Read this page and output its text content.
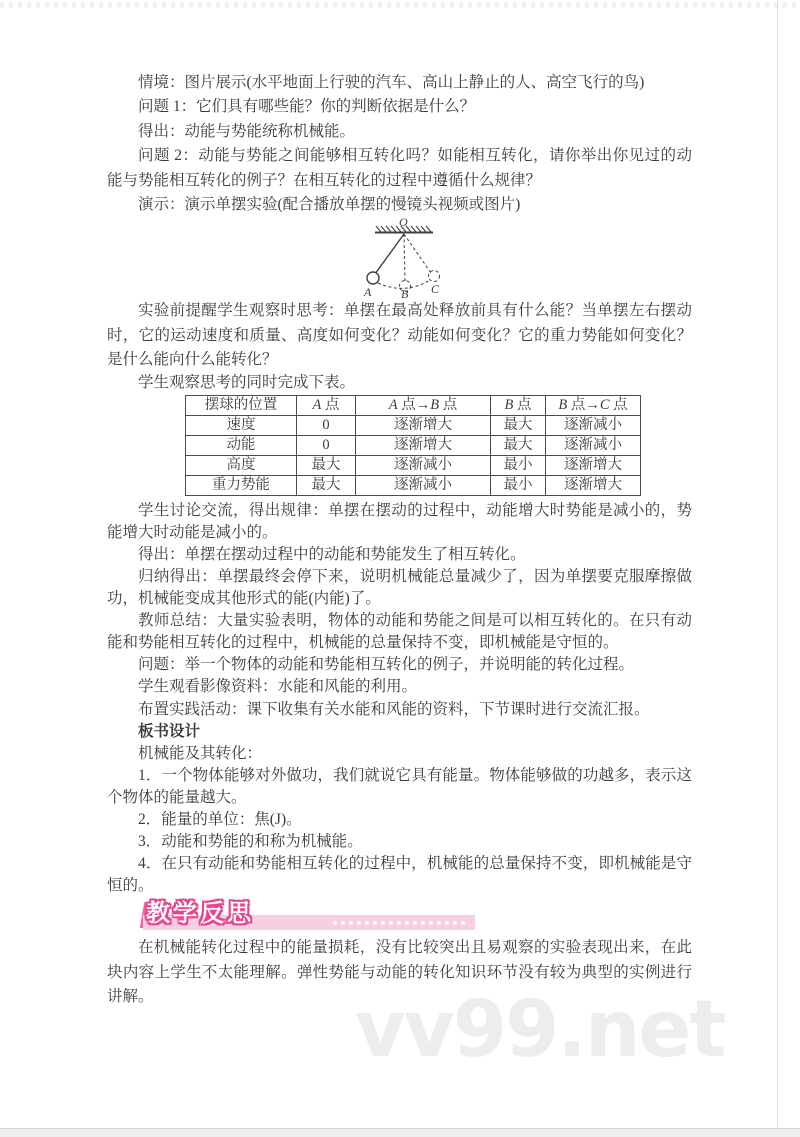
情境：图片展示(水平地面上行驶的汽车、高山上静止的人、高空飞行的鸟)

问题 1：它们具有哪些能？你的判断依据是什么？

得出：动能与势能统称机械能。

问题 2：动能与势能之间能够相互转化吗？如能相互转化，请你举出你见过的动能与势能相互转化的例子？在相互转化的过程中遵循什么规律？

演示：演示单摆实验(配合播放单摆的慢镜头视频或图片)

O
A B C

实验前提醒学生观察时思考：单摆在最高处释放前具有什么能？当单摆左右摆动时，它的运动速度和质量、高度如何变化？动能如何变化？它的重力势能如何变化？是什么能向什么能转化？

学生观察思考的同时完成下表。

摆球的位置	A 点	A 点→B 点	B 点	B 点→C 点
速度	0	逐渐增大	最大	逐渐减小
动能	0	逐渐增大	最大	逐渐减小
高度	最大	逐渐减小	最小	逐渐增大
重力势能	最大	逐渐减小	最小	逐渐增大

学生讨论交流，得出规律：单摆在摆动的过程中，动能增大时势能是减小的，势能增大时动能是减小的。

得出：单摆在摆动过程中的动能和势能发生了相互转化。

归纳得出：单摆最终会停下来，说明机械能总量减少了，因为单摆要克服摩擦做功，机械能变成其他形式的能(内能)了。

教师总结：大量实验表明，物体的动能和势能之间是可以相互转化的。在只有动能和势能相互转化的过程中，机械能的总量保持不变，即机械能是守恒的。

问题：举一个物体的动能和势能相互转化的例子，并说明能的转化过程。

学生观看影像资料：水能和风能的利用。

布置实践活动：课下收集有关水能和风能的资料，下节课时进行交流汇报。

板书设计

机械能及其转化：

1．一个物体能够对外做功，我们就说它具有能量。物体能够做的功越多，表示这个物体的能量越大。

2．能量的单位：焦(J)。

3．动能和势能的和称为机械能。

4．在只有动能和势能相互转化的过程中，机械能的总量保持不变，即机械能是守恒的。

教学反思

在机械能转化过程中的能量损耗，没有比较突出且易观察的实验表现出来，在此块内容上学生不太能理解。弹性势能与动能的转化知识环节没有较为典型的实例进行讲解。	vv99.net
